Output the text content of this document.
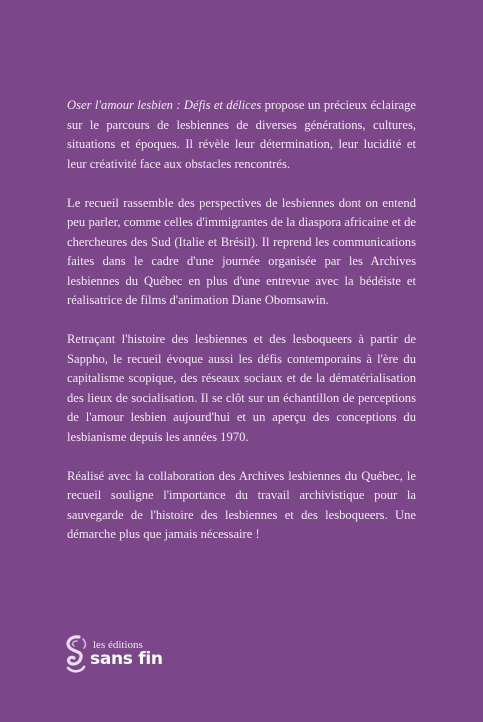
Oser l'amour lesbien : Défis et délices propose un précieux éclairage sur le parcours de lesbiennes de diverses générations, cultures, situations et époques. Il révèle leur détermination, leur lucidité et leur créativité face aux obstacles rencontrés.

Le recueil rassemble des perspectives de lesbiennes dont on entend peu parler, comme celles d'immigrantes de la diaspora africaine et de chercheures des Sud (Italie et Brésil). Il reprend les communications faites dans le cadre d'une journée organisée par les Archives lesbiennes du Québec en plus d'une entrevue avec la bédéiste et réalisatrice de films d'animation Diane Obomsawin.

Retraçant l'histoire des lesbiennes et des lesboqueers à partir de Sappho, le recueil évoque aussi les défis contemporains à l'ère du capitalisme scopique, des réseaux sociaux et de la dématérialisation des lieux de socialisation. Il se clôt sur un échantillon de perceptions de l'amour lesbien aujourd'hui et un aperçu des conceptions du lesbianisme depuis les années 1970.

Réalisé avec la collaboration des Archives lesbiennes du Québec, le recueil souligne l'importance du travail archivistique pour la sauvegarde de l'histoire des lesbiennes et des lesboqueers. Une démarche plus que jamais nécessaire !

les éditions
sans fin
